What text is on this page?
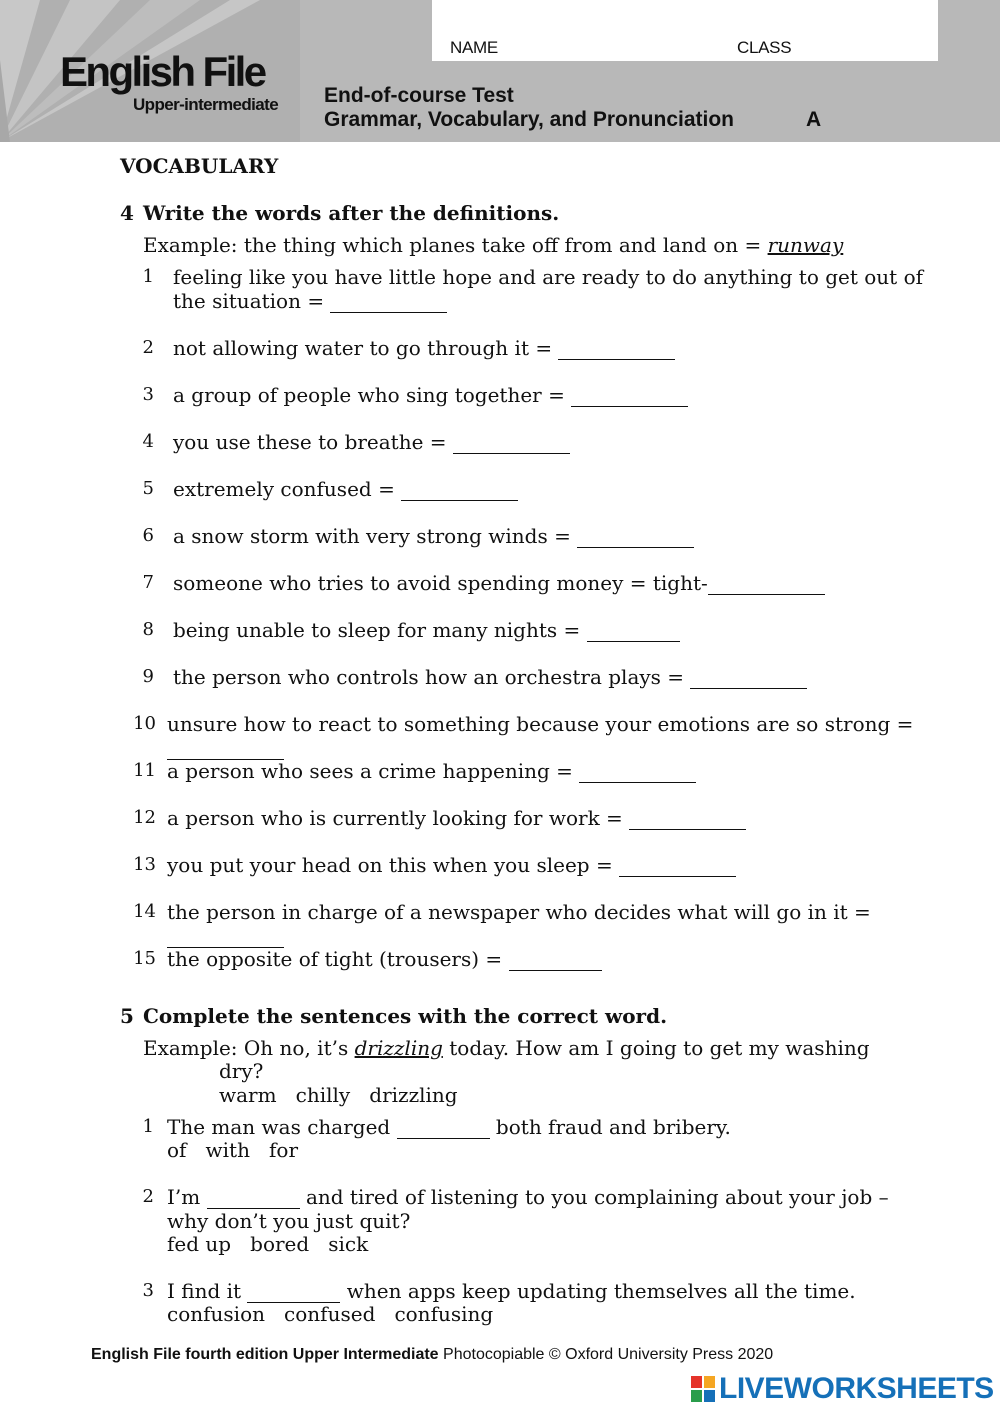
NAME	CLASS
English File
Upper-intermediate End-of-course Test
Grammar, Vocabulary, and Pronunciation	A
VOCABULARY
4 Write the words after the definitions.
Example: the thing which planes take off from and land on = runway
1 feeling like you have little hope and are ready to do anything to get out of
the situation =
2 not allowing water to go through it =
3 a group of people who sing together =
4 you use these to breathe =
5 extremely confused =
6 a snow storm with very strong winds =
7 someone who tries to avoid spending money = tight-
8 being unable to sleep for many nights =
9 the person who controls how an orchestra plays =
10 unsure how to react to something because your emotions are so strong =
11 a person who sees a crime happening =
12 a person who is currently looking for work =
13 you put your head on this when you sleep =
14 the person in charge of a newspaper who decides what will go in it =
15 the opposite of tight (trousers) =
5 Complete the sentences with the correct word.
Example: Oh no, it’s drizzling today. How am I going to get my washing
dry?
warm   chilly   drizzling
1 The man was charged	both fraud and bribery.
of   with   for
2 I’m	and tired of listening to you complaining about your job –
why don’t you just quit?
fed up   bored   sick
3 I find it	when apps keep updating themselves all the time.
confusion   confused   confusing
English File fourth edition Upper Intermediate Photocopiable © Oxford University Press 2020
LIVEWORKSHEETS
